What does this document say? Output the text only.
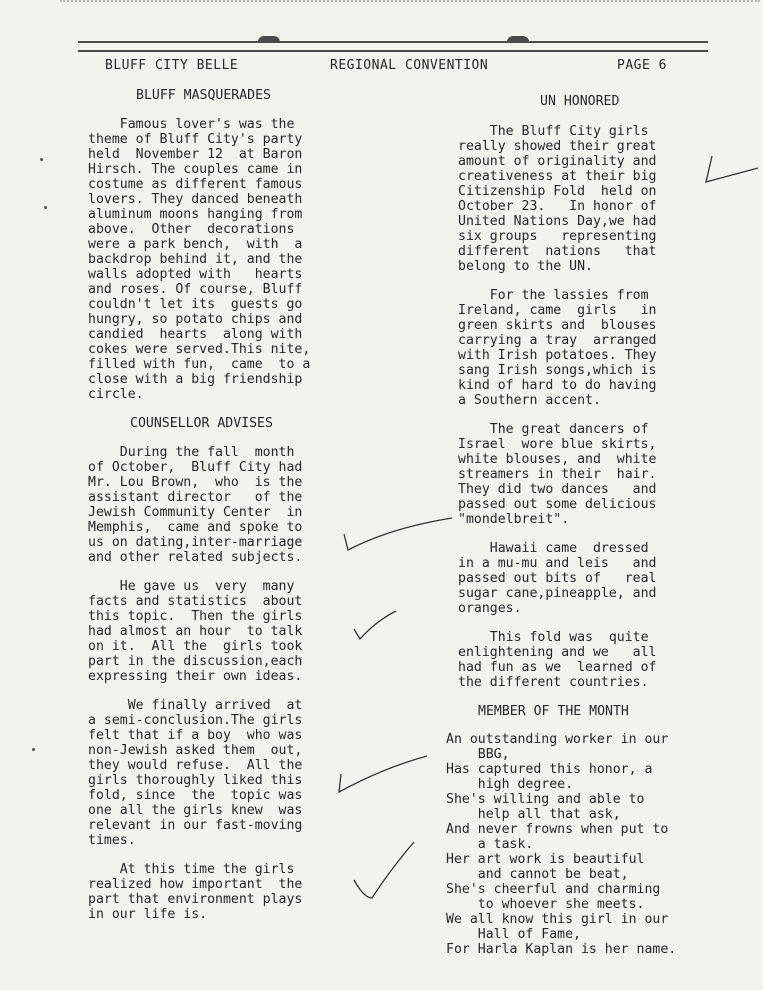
BLUFF CITY BELLE	REGIONAL CONVENTION	PAGE 6
BLUFF MASQUERADES

Famous lover's was the
theme of Bluff City's party
held  November 12  at Baron
Hirsch. The couples came in
costume as different famous
lovers. They danced beneath
aluminum moons hanging from
above.  Other  decorations
were a park bench,  with  a
backdrop behind it, and the
walls adopted with   hearts
and roses. Of course, Bluff
couldn't let its  guests go
hungry, so potato chips and
candied  hearts  along with
cokes were served.This nite,
filled with fun,  came  to a
close with a big friendship
circle.

COUNSELLOR ADVISES

During the fall  month
of October,  Bluff City had
Mr. Lou Brown,  who  is the
assistant director   of the
Jewish Community Center  in
Memphis,  came and spoke to
us on dating,inter-marriage
and other related subjects.

He gave us  very  many
facts and statistics  about
this topic.  Then the girls
had almost an hour  to talk
on it.  All the  girls took
part in the discussion,each
expressing their own ideas.

We finally arrived  at
a semi-conclusion.The girls
felt that if a boy  who was
non-Jewish asked them  out,
they would refuse.  All the
girls thoroughly liked this
fold, since  the  topic was
one all the girls knew  was
relevant in our fast-moving
times.

At this time the girls
realized how important  the
part that environment plays
in our life is.

UN HONORED

The Bluff City girls
really showed their great
amount of originality and
creativeness at their big
Citizenship Fold  held on
October 23.   In honor of
United Nations Day,we had
six groups   representing
different  nations   that
belong to the UN.

For the lassies from
Ireland, came  girls   in
green skirts and  blouses
carrying a tray  arranged
with Irish potatoes. They
sang Irish songs,which is
kind of hard to do having
a Southern accent.

The great dancers of
Israel  wore blue skirts,
white blouses, and  white
streamers in their  hair.
They did two dances   and
passed out some delicious
"mondelbreit".

Hawaii came  dressed
in a mu-mu and leis   and
passed out bits of   real
sugar cane,pineapple, and
oranges.

This fold was  quite
enlightening and we   all
had fun as we  learned of
the different countries.

MEMBER OF THE MONTH

An outstanding worker in our
BBG,
Has captured this honor, a
high degree.
She's willing and able to
help all that ask,
And never frowns when put to
a task.
Her art work is beautiful
and cannot be beat,
She's cheerful and charming
to whoever she meets.
We all know this girl in our
Hall of Fame,
For Harla Kaplan is her name.
